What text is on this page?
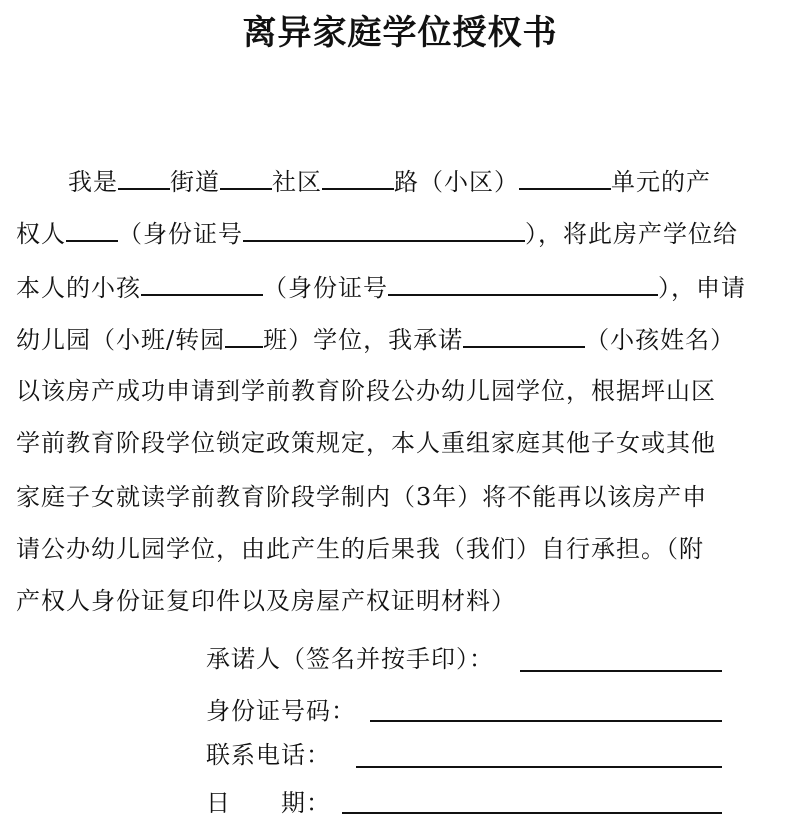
离异家庭学位授权书
我是 街道 社区	路（小区）	单元的产
权人 （身份证号	），将此房产学位给
本人的小孩	（身份证号	），申请
幼儿园（小班/转园 班）学位，我承诺	（小孩姓名）
以该房产成功申请到学前教育阶段公办幼儿园学位，根据坪山区
学前教育阶段学位锁定政策规定，本人重组家庭其他子女或其他
家庭子女就读学前教育阶段学制内（3年）将不能再以该房产申
请公办幼儿园学位，由此产生的后果我（我们）自行承担。（附
产权人身份证复印件以及房屋产权证明材料）
承诺人（签名并按手印）：
身份证号码：
联系电话：
日　　期：
